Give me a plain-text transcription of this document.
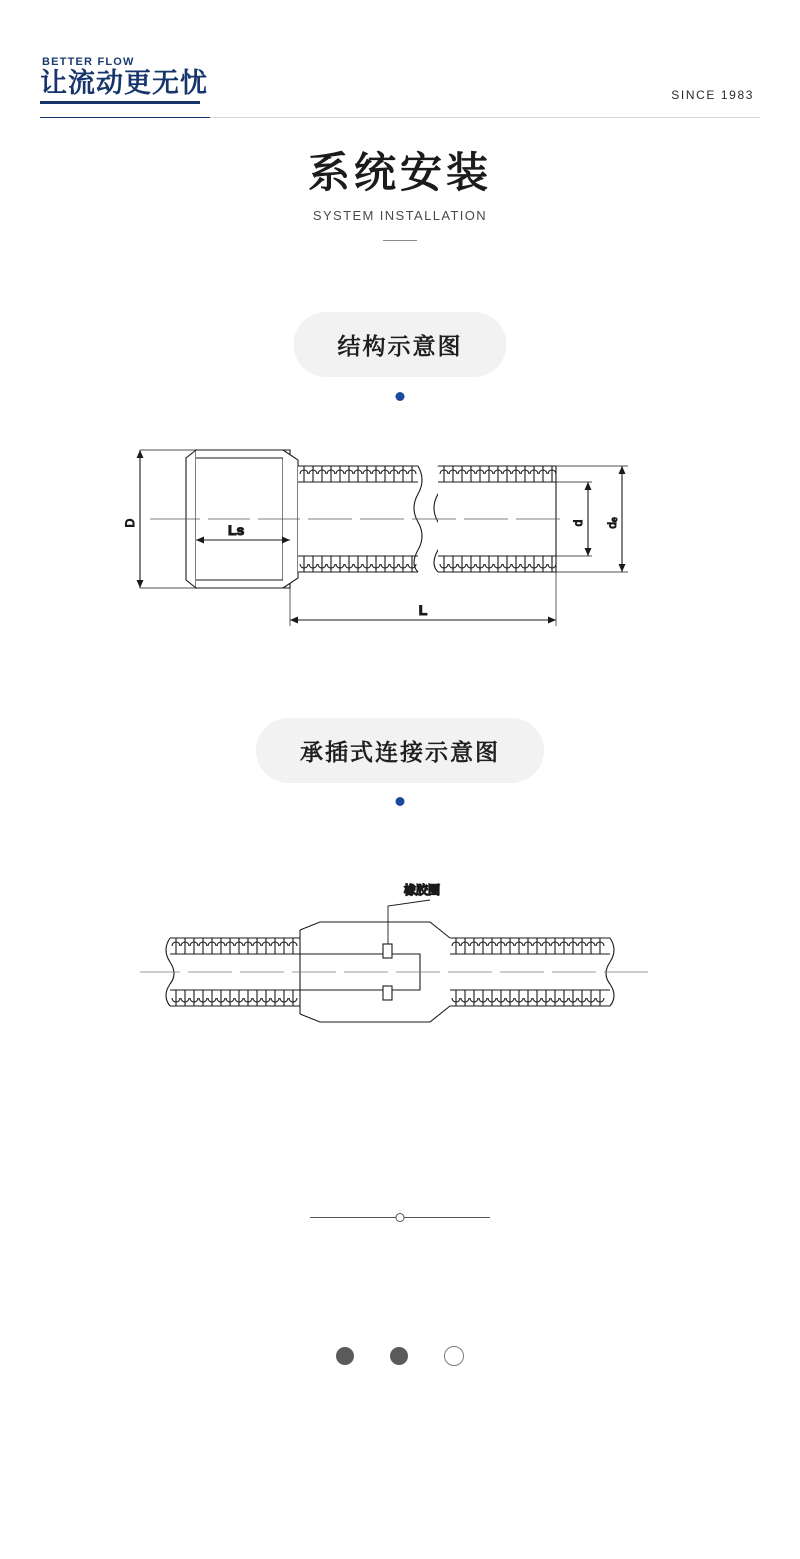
BETTER FLOW
让流动更无忧	SINCE 1983
系统安装
SYSTEM INSTALLATION
结构示意图
D	Ls	d dₑ
L
承插式连接示意图
橡胶圈
